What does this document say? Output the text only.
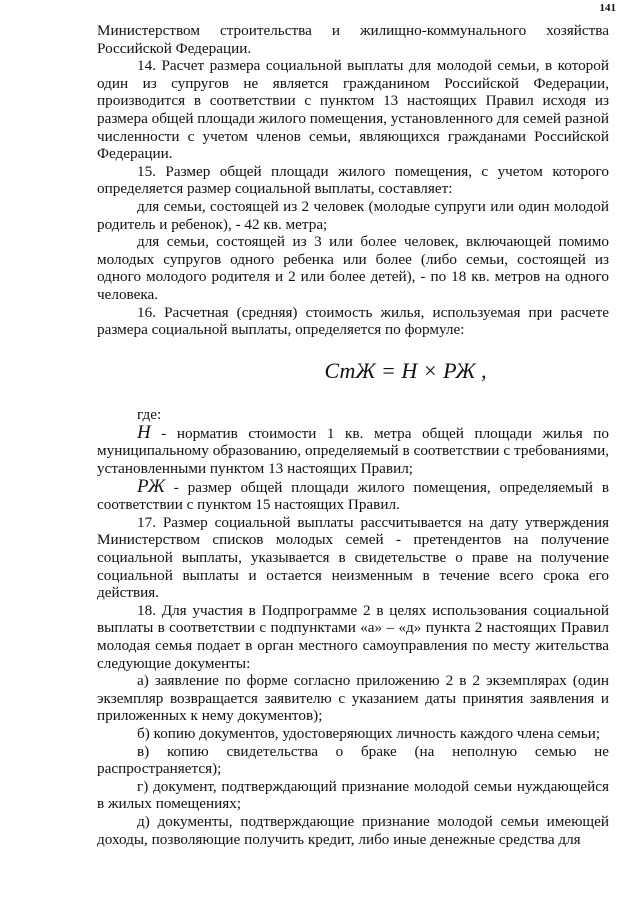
141

Министерством строительства и жилищно-коммунального хозяйства Российской Федерации.

14. Расчет размера социальной выплаты для молодой семьи, в которой один из супругов не является гражданином Российской Федерации, производится в соответствии с пунктом 13 настоящих Правил исходя из размера общей площади жилого помещения, установленного для семей разной численности с учетом членов семьи, являющихся гражданами Российской Федерации.

15. Размер общей площади жилого помещения, с учетом которого определяется размер социальной выплаты, составляет:

для семьи, состоящей из 2 человек (молодые супруги или один молодой родитель и ребенок), - 42 кв. метра;

для семьи, состоящей из 3 или более человек, включающей помимо молодых супругов одного ребенка или более (либо семьи, состоящей из одного молодого родителя и 2 или более детей), - по 18 кв. метров на одного человека.

16. Расчетная (средняя) стоимость жилья, используемая при расчете размера социальной выплаты, определяется по формуле:

СтЖ = Н × РЖ ,

где:

Н - норматив стоимости 1 кв. метра общей площади жилья по муниципальному образованию, определяемый в соответствии с требованиями, установленными пунктом 13 настоящих Правил;

РЖ - размер общей площади жилого помещения, определяемый в соответствии с пунктом 15 настоящих Правил.

17. Размер социальной выплаты рассчитывается на дату утверждения Министерством списков молодых семей - претендентов на получение социальной выплаты, указывается в свидетельстве о праве на получение социальной выплаты и остается неизменным в течение всего срока его действия.

18. Для участия в Подпрограмме 2 в целях использования социальной выплаты в соответствии с подпунктами «а» – «д» пункта 2 настоящих Правил молодая семья подает в орган местного самоуправления по месту жительства следующие документы:

а) заявление по форме согласно приложению 2 в 2 экземплярах (один экземпляр возвращается заявителю с указанием даты принятия заявления и приложенных к нему документов);

б) копию документов, удостоверяющих личность каждого члена семьи;

в) копию свидетельства о браке (на неполную семью не распространяется);

г) документ, подтверждающий признание молодой семьи нуждающейся в жилых помещениях;

д) документы, подтверждающие признание молодой семьи имеющей доходы, позволяющие получить кредит, либо иные денежные средства для
